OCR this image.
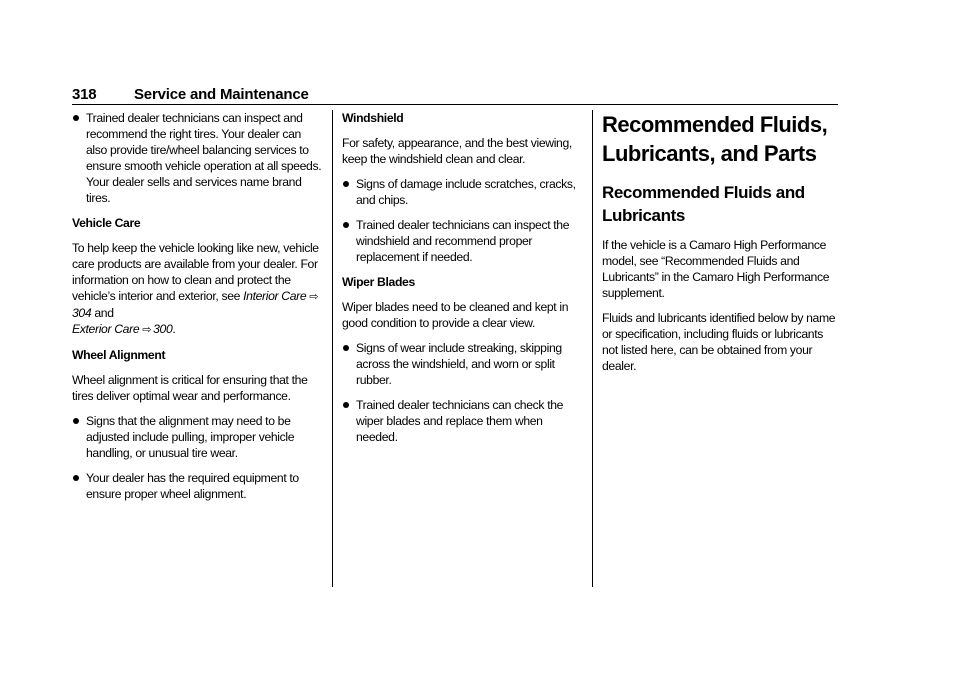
318	Service and Maintenance
Trained dealer technicians can inspect and recommend the right tires. Your dealer can also provide tire/wheel balancing services to ensure smooth vehicle operation at all speeds. Your dealer sells and services name brand tires.
Vehicle Care

To help keep the vehicle looking like new, vehicle care products are available from your dealer. For information on how to clean and protect the vehicle’s interior and exterior, see Interior Care ⇨304 and
Exterior Care ⇨ 300.

Wheel Alignment

Wheel alignment is critical for ensuring that the tires deliver optimal wear and performance.

Signs that the alignment may need to be adjusted include pulling, improper vehicle handling, or unusual tire wear.
Your dealer has the required equipment to ensure proper wheel alignment.
Windshield

For safety, appearance, and the best viewing, keep the windshield clean and clear.

Signs of damage include scratches, cracks, and chips.
Trained dealer technicians can inspect the windshield and recommend proper replacement if needed.
Wiper Blades

Wiper blades need to be cleaned and kept in good condition to provide a clear view.

Signs of wear include streaking, skipping across the windshield, and worn or split rubber.
Trained dealer technicians can check the wiper blades and replace them when needed.
Recommended Fluids, Lubricants, and Parts
Recommended Fluids and Lubricants

If the vehicle is a Camaro High Performance model, see “Recommended Fluids and Lubricants” in the Camaro High Performance supplement.

Fluids and lubricants identified below by name or specification, including fluids or lubricants not listed here, can be obtained from your dealer.
